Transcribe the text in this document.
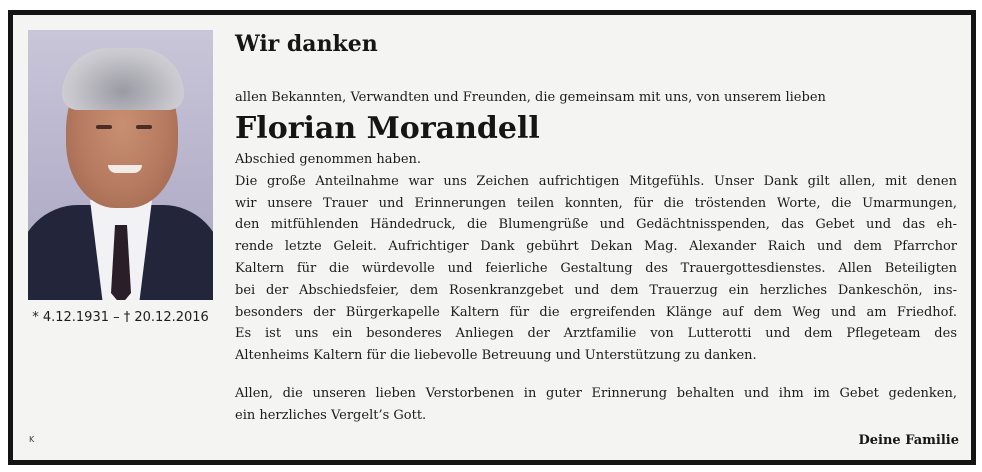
* 4.12.1931 – † 20.12.2016
K
Wir danken

allen Bekannten, Verwandten und Freunden, die gemeinsam mit uns, von unserem lieben

Florian Morandell

Abschied genommen haben.
Die große Anteilnahme war uns Zeichen aufrichtigen Mitgefühls. Unser Dank gilt allen, mit denen
wir unsere Trauer und Erinnerungen teilen konnten, für die tröstenden Worte, die Umarmungen,
den mitfühlenden Händedruck, die Blumengrüße und Gedächtnisspenden, das Gebet und das eh-
rende letzte Geleit. Aufrichtiger Dank gebührt Dekan Mag. Alexander Raich und dem Pfarrchor
Kaltern für die würdevolle und feierliche Gestaltung des Trauergottesdienstes. Allen Beteiligten
bei der Abschiedsfeier, dem Rosenkranzgebet und dem Trauerzug ein herzliches Dankeschön, ins-
besonders der Bürgerkapelle Kaltern für die ergreifenden Klänge auf dem Weg und am Friedhof.
Es ist uns ein besonderes Anliegen der Arztfamilie von Lutterotti und dem Pflegeteam des
Altenheims Kaltern für die liebevolle Betreuung und Unterstützung zu danken.

Allen, die unseren lieben Verstorbenen in guter Erinnerung behalten und ihm im Gebet gedenken,
ein herzliches Vergelt’s Gott.

Deine Familie
